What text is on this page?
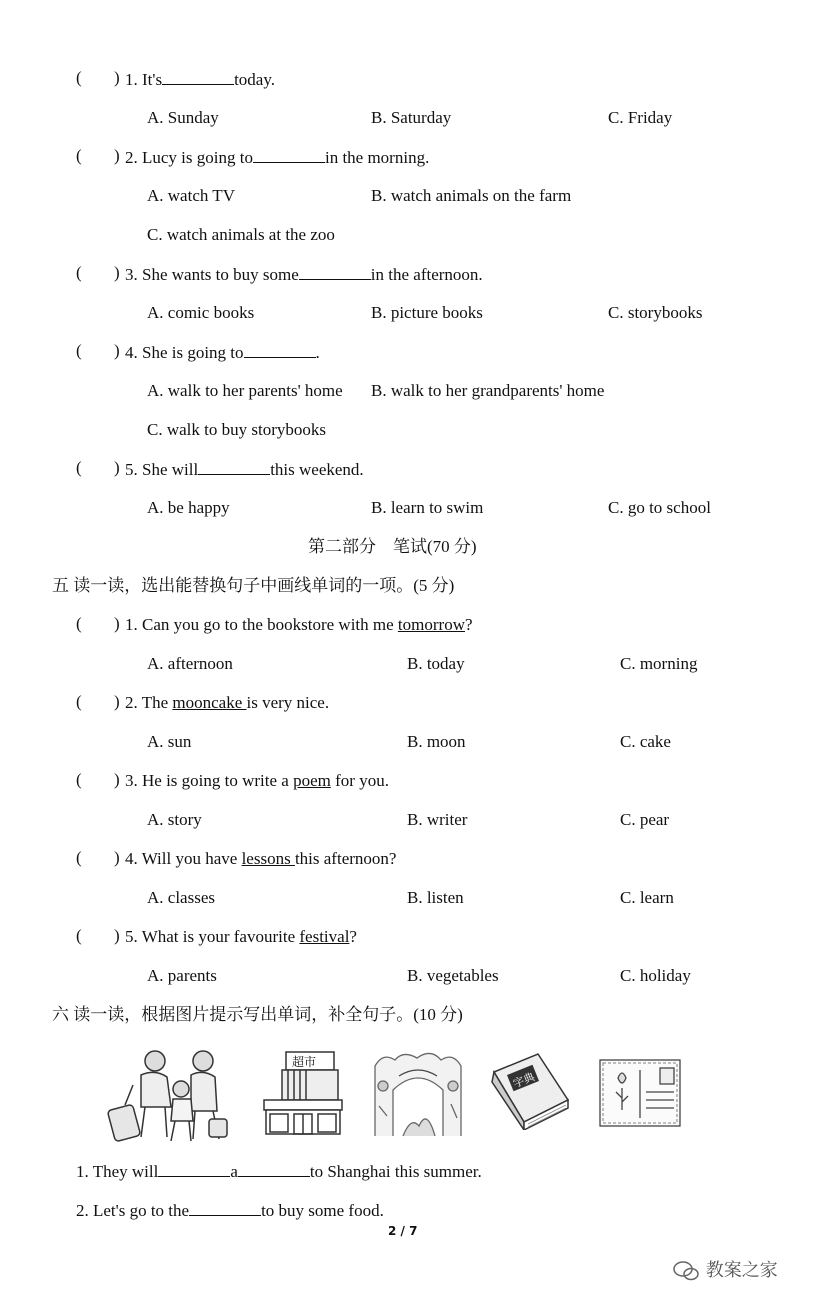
( ) 1. It's	today.
A. Sunday	B. Saturday	C. Friday
( ) 2. Lucy is going to	in the morning.
A. watch TV	B. watch animals on the farm
C. watch animals at the zoo
( ) 3. She wants to buy some	in the afternoon.
A. comic books	B. picture books	C. storybooks
( ) 4. She is going to	.
A. walk to her parents' home B. walk to her grandparents' home
C. walk to buy storybooks
( ) 5. She will	this weekend.
A. be happy	B. learn to swim	C. go to school
第二部分　笔试(70 分)
五 读一读，选出能替换句子中画线单词的一项。(5 分)
( ) 1. Can you go to the bookstore with me tomorrow?
A. afternoon	B. today	C. morning
( ) 2. The mooncake is very nice.
A. sun	B. moon	C. cake
( ) 3. He is going to write a poem for you.
A. story	B. writer	C. pear
( ) 4. Will you have lessons this afternoon?
A. classes	B. listen	C. learn
( ) 5. What is your favourite festival?
A. parents	B. vegetables	C. holiday
六 读一读，根据图片提示写出单词，补全句子。(10 分)
超市
字典
1. They will	a	to Shanghai this summer.
2. Let's go to the	to buy some food.
2 / 7
教案之家
